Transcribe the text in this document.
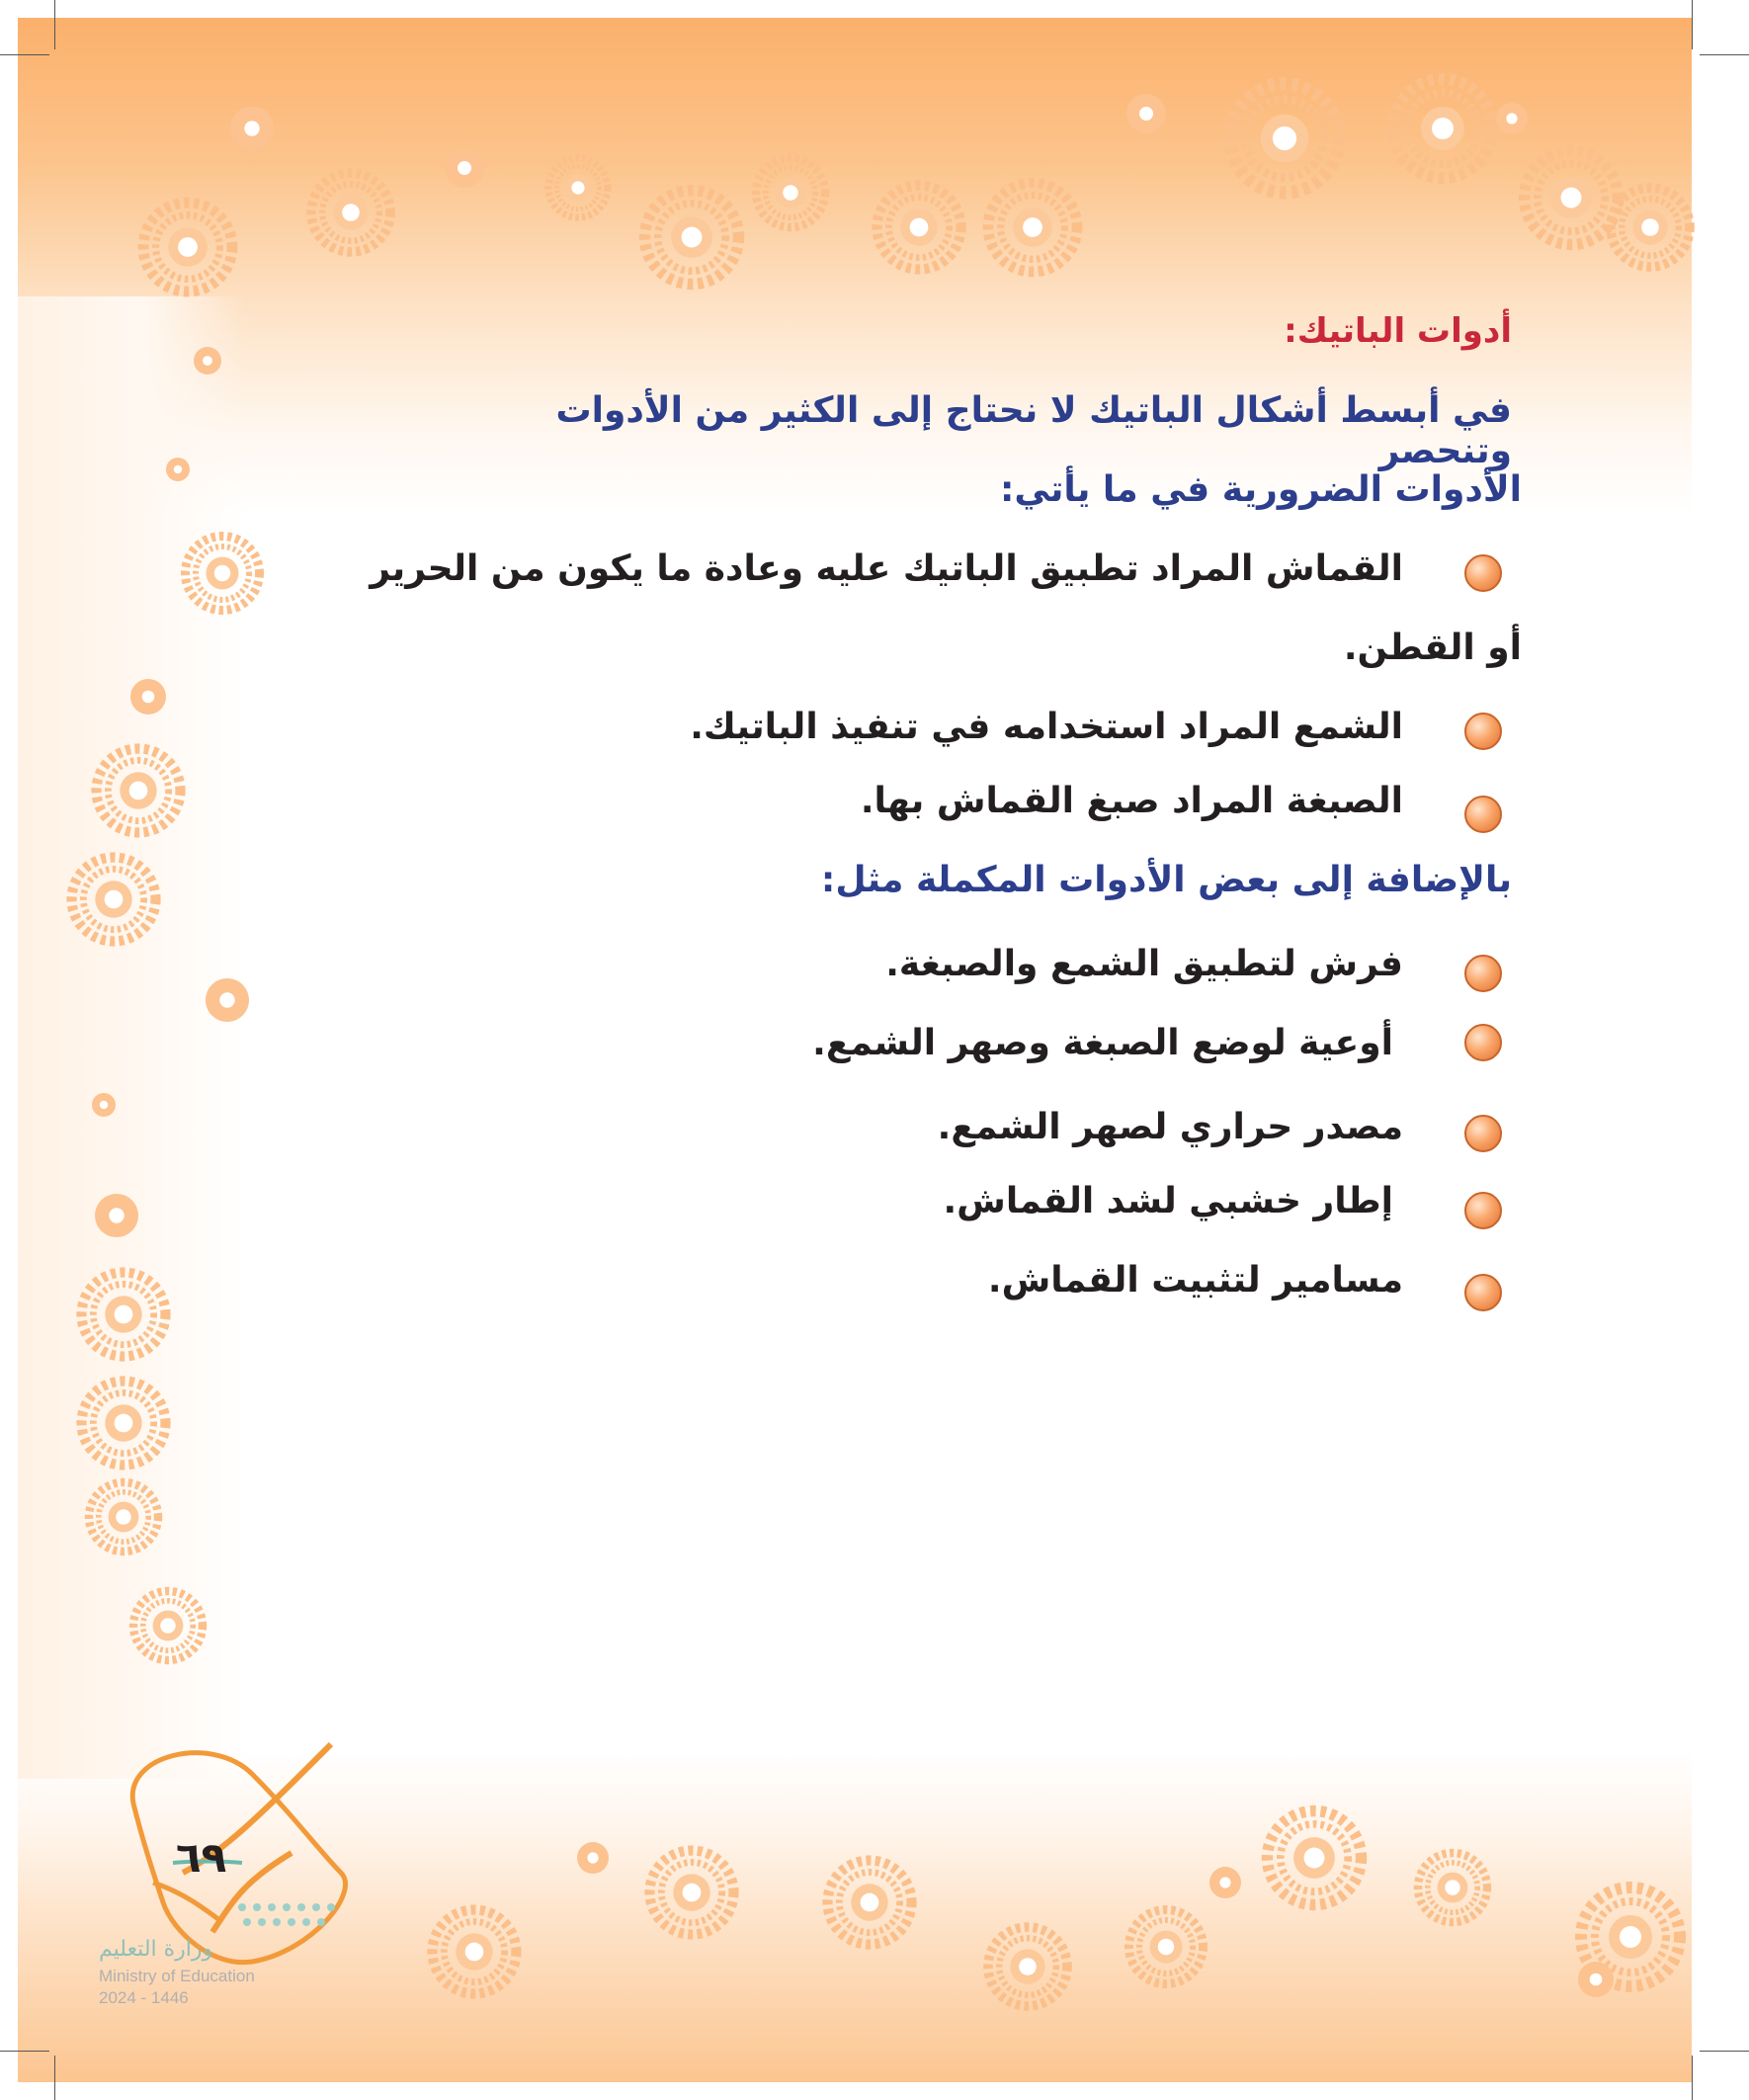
أدوات الباتيك:
في أبسط أشكال الباتيك لا نحتاج إلى الكثير من الأدوات وتنحصر
الأدوات الضرورية في ما يأتي:
القماش المراد تطبيق الباتيك عليه وعادة ما يكون من الحرير
أو القطن.
الشمع المراد استخدامه في تنفيذ الباتيك.
الصبغة المراد صبغ القماش بها.
بالإضافة إلى بعض الأدوات المكملة مثل:
فرش لتطبيق الشمع والصبغة.
أوعية لوضع الصبغة وصهر الشمع.
مصدر حراري لصهر الشمع.
إطار خشبي لشد القماش.
مسامير لتثبيت القماش.
٦٩
وزارة التعليم
Ministry of Education
2024 - 1446
